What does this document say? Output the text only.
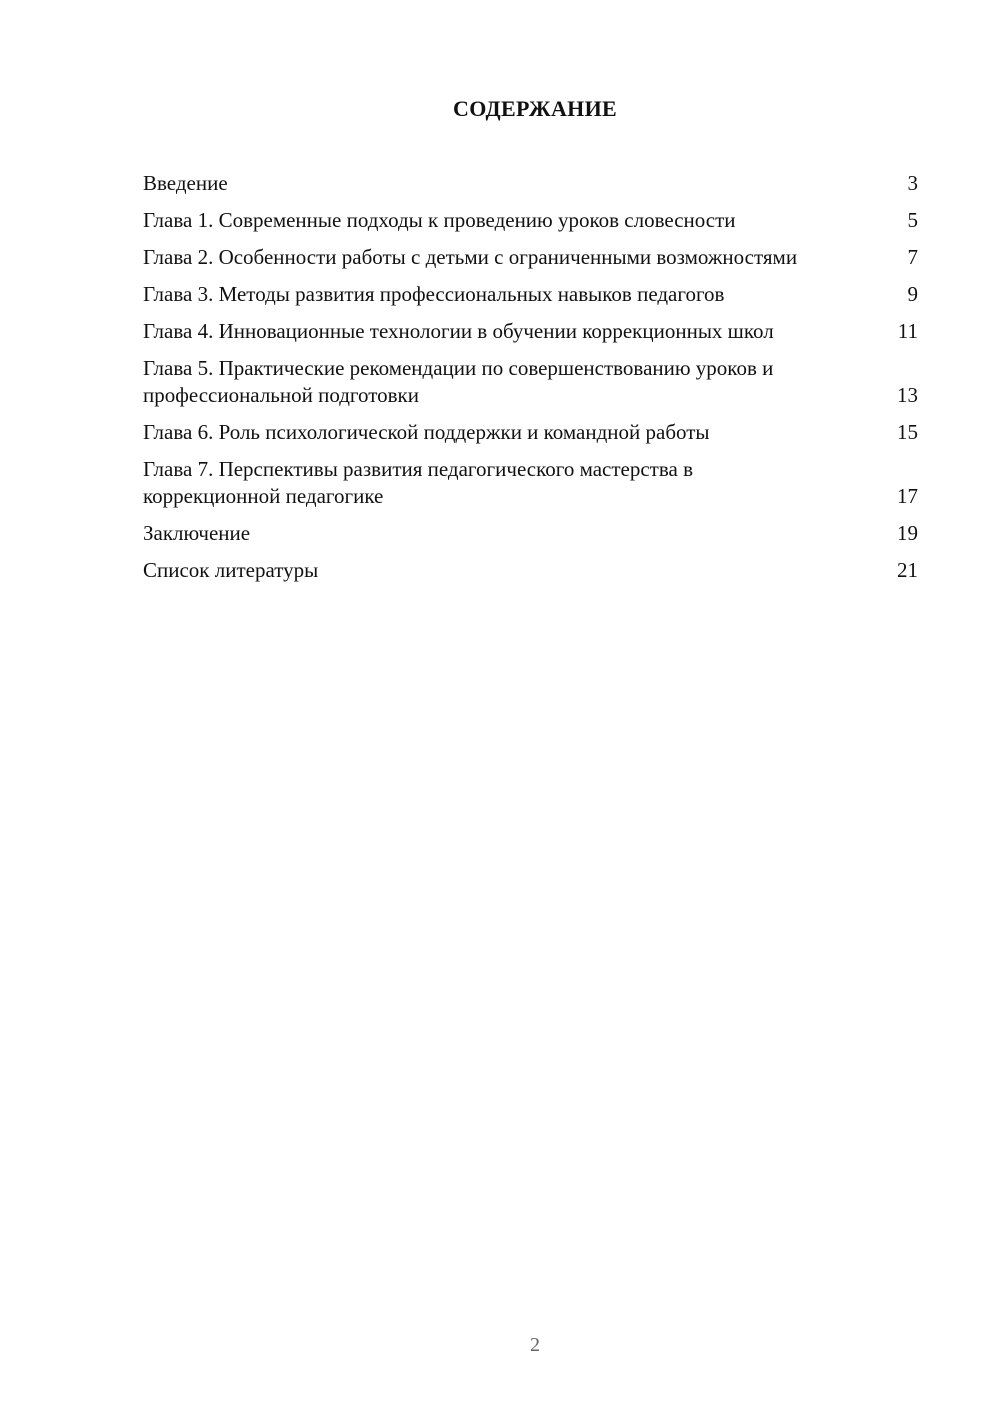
СОДЕРЖАНИЕ
Введение	3
Глава 1. Современные подходы к проведению уроков словесности	5
Глава 2. Особенности работы с детьми с ограниченными возможностями	7
Глава 3. Методы развития профессиональных навыков педагогов	9
Глава 4. Инновационные технологии в обучении коррекционных школ	11
Глава 5. Практические рекомендации по совершенствованию уроков и профессиональной подготовки	13
Глава 6. Роль психологической поддержки и командной работы	15
Глава 7. Перспективы развития педагогического мастерства в коррекционной педагогике	17
Заключение	19
Список литературы	21
2
